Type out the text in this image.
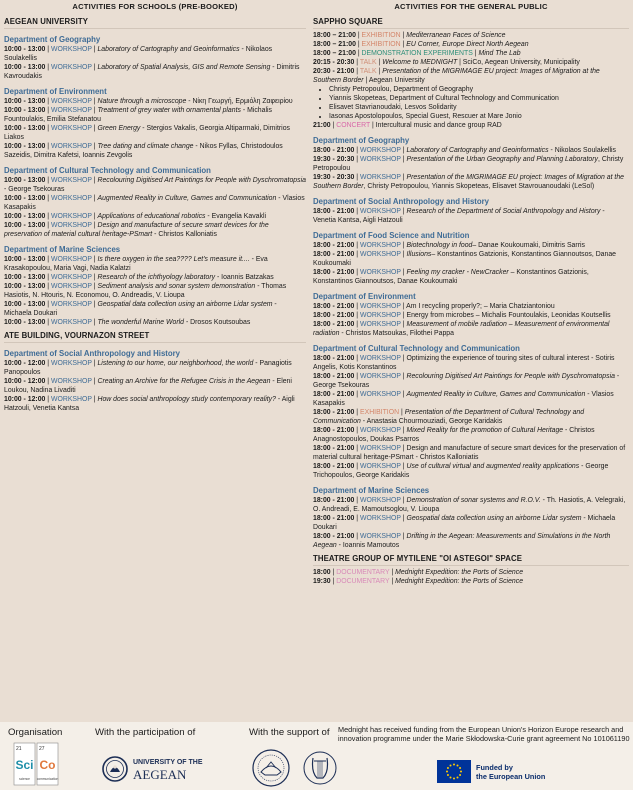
ACTIVITIES FOR SCHOOLS (PRE-BOOKED)
AEGEAN UNIVERSITY
Department of Geography
10:00 - 13:00 | WORKSHOP | Laboratory of Cartography and Geoinformatics - Nikolaos Soulakellis
10:00 - 13:00 | WORKSHOP | Laboratory of Spatial Analysis, GIS and Remote Sensing - Dimitris Kavroudakis
Department of Environment
10:00 - 13:00 | WORKSHOP | Nature through a microscope - Νίκη Γεωργή, Ερμιόλη Ζαφειρίου
10:00 - 13:00 | WORKSHOP | Treatment of grey water with ornamental plants - Michalis Fountoulakis, Emilia Stefanatou
10:00 - 13:00 | WORKSHOP | Green Energy - Stergios Vakalis, Georgia Altiparmaki, Dimitrios Liakos
10:00 - 13:00 | WORKSHOP | Tree dating and climate change - Nikos Fyllas, Christodoulos Sazeidis, Dimitra Kafetsi, Ioannis Zevgolis
Department of Cultural Technology and Communication
10:00 - 13:00 | WORKSHOP | Recolouring Digitised Art Paintings for People with Dyschromatopsia - George Tsekouras
10:00 - 13:00 | WORKSHOP | Augmented Reality in Culture, Games and Communication - Vlasios Kasapakis
10:00 - 13:00 | WORKSHOP | Applications of educational robotics - Evangelia Kavakli
10:00 - 13:00 | WORKSHOP | Design and manufacture of secure smart devices for the preservation of material cultural heritage-PSmart - Christos Kalloniatis
Department of Marine Sciences
10:00 - 13:00 | WORKSHOP | Is there oxygen in the sea???? Let's measure it.... - Eva Krasakopoulou, Maria Vagi, Nadia Kalatzi
10:00 - 13:00 | WORKSHOP | Research of the ichthyology laboratory - Ioannis Batzakas
10:00 - 13:00 | WORKSHOP | Sediment analysis and sonar system demonstration - Thomas Hasiotis, N. Htouris, N. Economou, O. Andreadis, V. Lioupa
10:00 - 13:00 | WORKSHOP | Geospatial data collection using an airborne Lidar system - Michaela Doukari
10:00 - 13:00 | WORKSHOP | The wonderful Marine World - Drosos Koutsoubas
ATE BUILDING, VOURNAZON STREET
Department of Social Anthropology and History
10:00 - 12:00 | WORKSHOP | Listening to our home, our neighborhood, the world - Panagiotis Panopoulos
10:00 - 12:00 | WORKSHOP | Creating an Archive for the Refugee Crisis in the Aegean - Eleni Loukou, Nadina Livaditi
10:00 - 12:00 | WORKSHOP | How does social anthropology study contemporary reality? - Aigli Hatzouli, Venetia Kantsa
ACTIVITIES FOR THE GENERAL PUBLIC
SAPPHO SQUARE
18:00 – 21:00 | EXHIBITION | Mediterranean Faces of Science
18:00 – 21:00 | EXHIBITION | EU Corner, Europe Direct North Aegean
18:00 – 21:00 | DEMONSTRATION EXPERIMENTS | Mind The Lab
20:15 - 20:30 | TALK | Welcome to MEDNIGHT | SciCo, Aegean University, Municipality
20:30 - 21:00 | TALK | Presentation of the MIGRIMAGE EU project: Images of Migration at the Southern Border | Aegean University
• Christy Petropoulou, Department of Geography
• Yiannis Skopeteas, Department of Cultural Technology and Communication
• Elisavet Stavrianoudaki, Lesvos Solidarity
• Iasonas Apostolopoulos, Special Guest, Rescuer at Mare Jonio
21:00 | CONCERT | Intercultural music and dance group RAD
Department of Geography
18:00 - 21:00 | WORKSHOP | Laboratory of Cartography and Geoinformatics - Nikolaos Soulakellis
19:30 - 20:30 | WORKSHOP | Presentation of the Urban Geography and Planning Laboratory, Christy Petropoulou
19:30 - 20:30 | WORKSHOP | Presentation of the MIGRIMAGE EU project: Images of Migration at the Southern Border, Christy Petropoulou, Yiannis Skopeteas, Elisavet Stavrouanoudaki (LeSol)
Department of Social Anthropology and History
18:00 - 21:00 | WORKSHOP | Research of the Department of Social Anthropology and History - Venetia Kantsa, Aigli Hatzouli
Department of Food Science and Nutrition
18:00 - 21:00 | WORKSHOP | Biotechnology in food– Danae Koukoumaki, Dimitris Sarris
18:00 - 21:00 | WORKSHOP | Illusions– Konstantinos Gatzionis, Konstantinos Giannoutsos, Danae Koukoumaki
18:00 - 21:00 | WORKSHOP | Feeling my cracker - NewCracker – Konstantinos Gatzionis, Konstantinos Giannoutsos, Danae Koukoumaki
Department of Environment
18:00 - 21:00 | WORKSHOP | Am I recycling properly?; – Maria Chatziantoniou
18:00 - 21:00 | WORKSHOP | Energy from microbes – Michalis Fountoulakis, Leonidas Koutsellis
18:00 - 21:00 | WORKSHOP | Measurement of mobile radiation – Measurement of environmental radiation - Christos Matsoukas, Filothei Pappa
Department of Cultural Technology and Communication
18:00 - 21:00 | WORKSHOP | Optimizing the experience of touring sites of cultural interest - Sotiris Angelis, Kotis Konstantinos
18:00 - 21:00 | WORKSHOP | Recolouring Digitised Art Paintings for People with Dyschromatopsia - George Tsekouras
18:00 - 21:00 | WORKSHOP | Augmented Reality in Culture, Games and Communication - Vlasios Kasapakis
18:00 - 21:00 | EXHIBITION | Presentation of the Department of Cultural Technology and Communication - Anastasia Chourmouziadi, George Karidakis
18:00 - 21:00 | WORKSHOP | Mixed Reality for the promotion of Cultural Heritage - Christos Anagnostopoulos, Doukas Psarros
18:00 - 21:00 | WORKSHOP | Design and manufacture of secure smart devices for the preservation of material cultural heritage-PSmart - Christos Kalloniatis
18:00 - 21:00 | WORKSHOP | Use of cultural virtual and augmented reality applications - George Trichopoulos, George Karidakis
Department of Marine Sciences
18:00 - 21:00 | WORKSHOP | Demonstration of sonar systems and R.O.V. - Th. Hasiotis, A. Velegraki, O. Andreadi, E. Mamoutsoglou, V. Lioupa
18:00 - 21:00 | WORKSHOP | Geospatial data collection using an airborne Lidar system - Michaela Doukari
18:00 - 21:00 | WORKSHOP | Drifting in the Aegean: Measurements and Simulations in the North Aegean - Ioannis Mamoutos
THEATRE GROUP OF MYTILENE "OI ASTEGOI" SPACE
18:00 | DOCUMENTARY | Mednight Expedition: the Ports of Science
19:30 | DOCUMENTARY | Mednight Expedition: the Ports of Science
Organisation	With the participation of	With the support of
21	27
Sci Co
science communication
UNIVERSITY OF THE
AEGEAN
Mednight has received funding from the European Union's Horizon Europe research and innovation programme under the Marie Skłodowska-Curie grant agreement No 101061190
Funded by
the European Union
